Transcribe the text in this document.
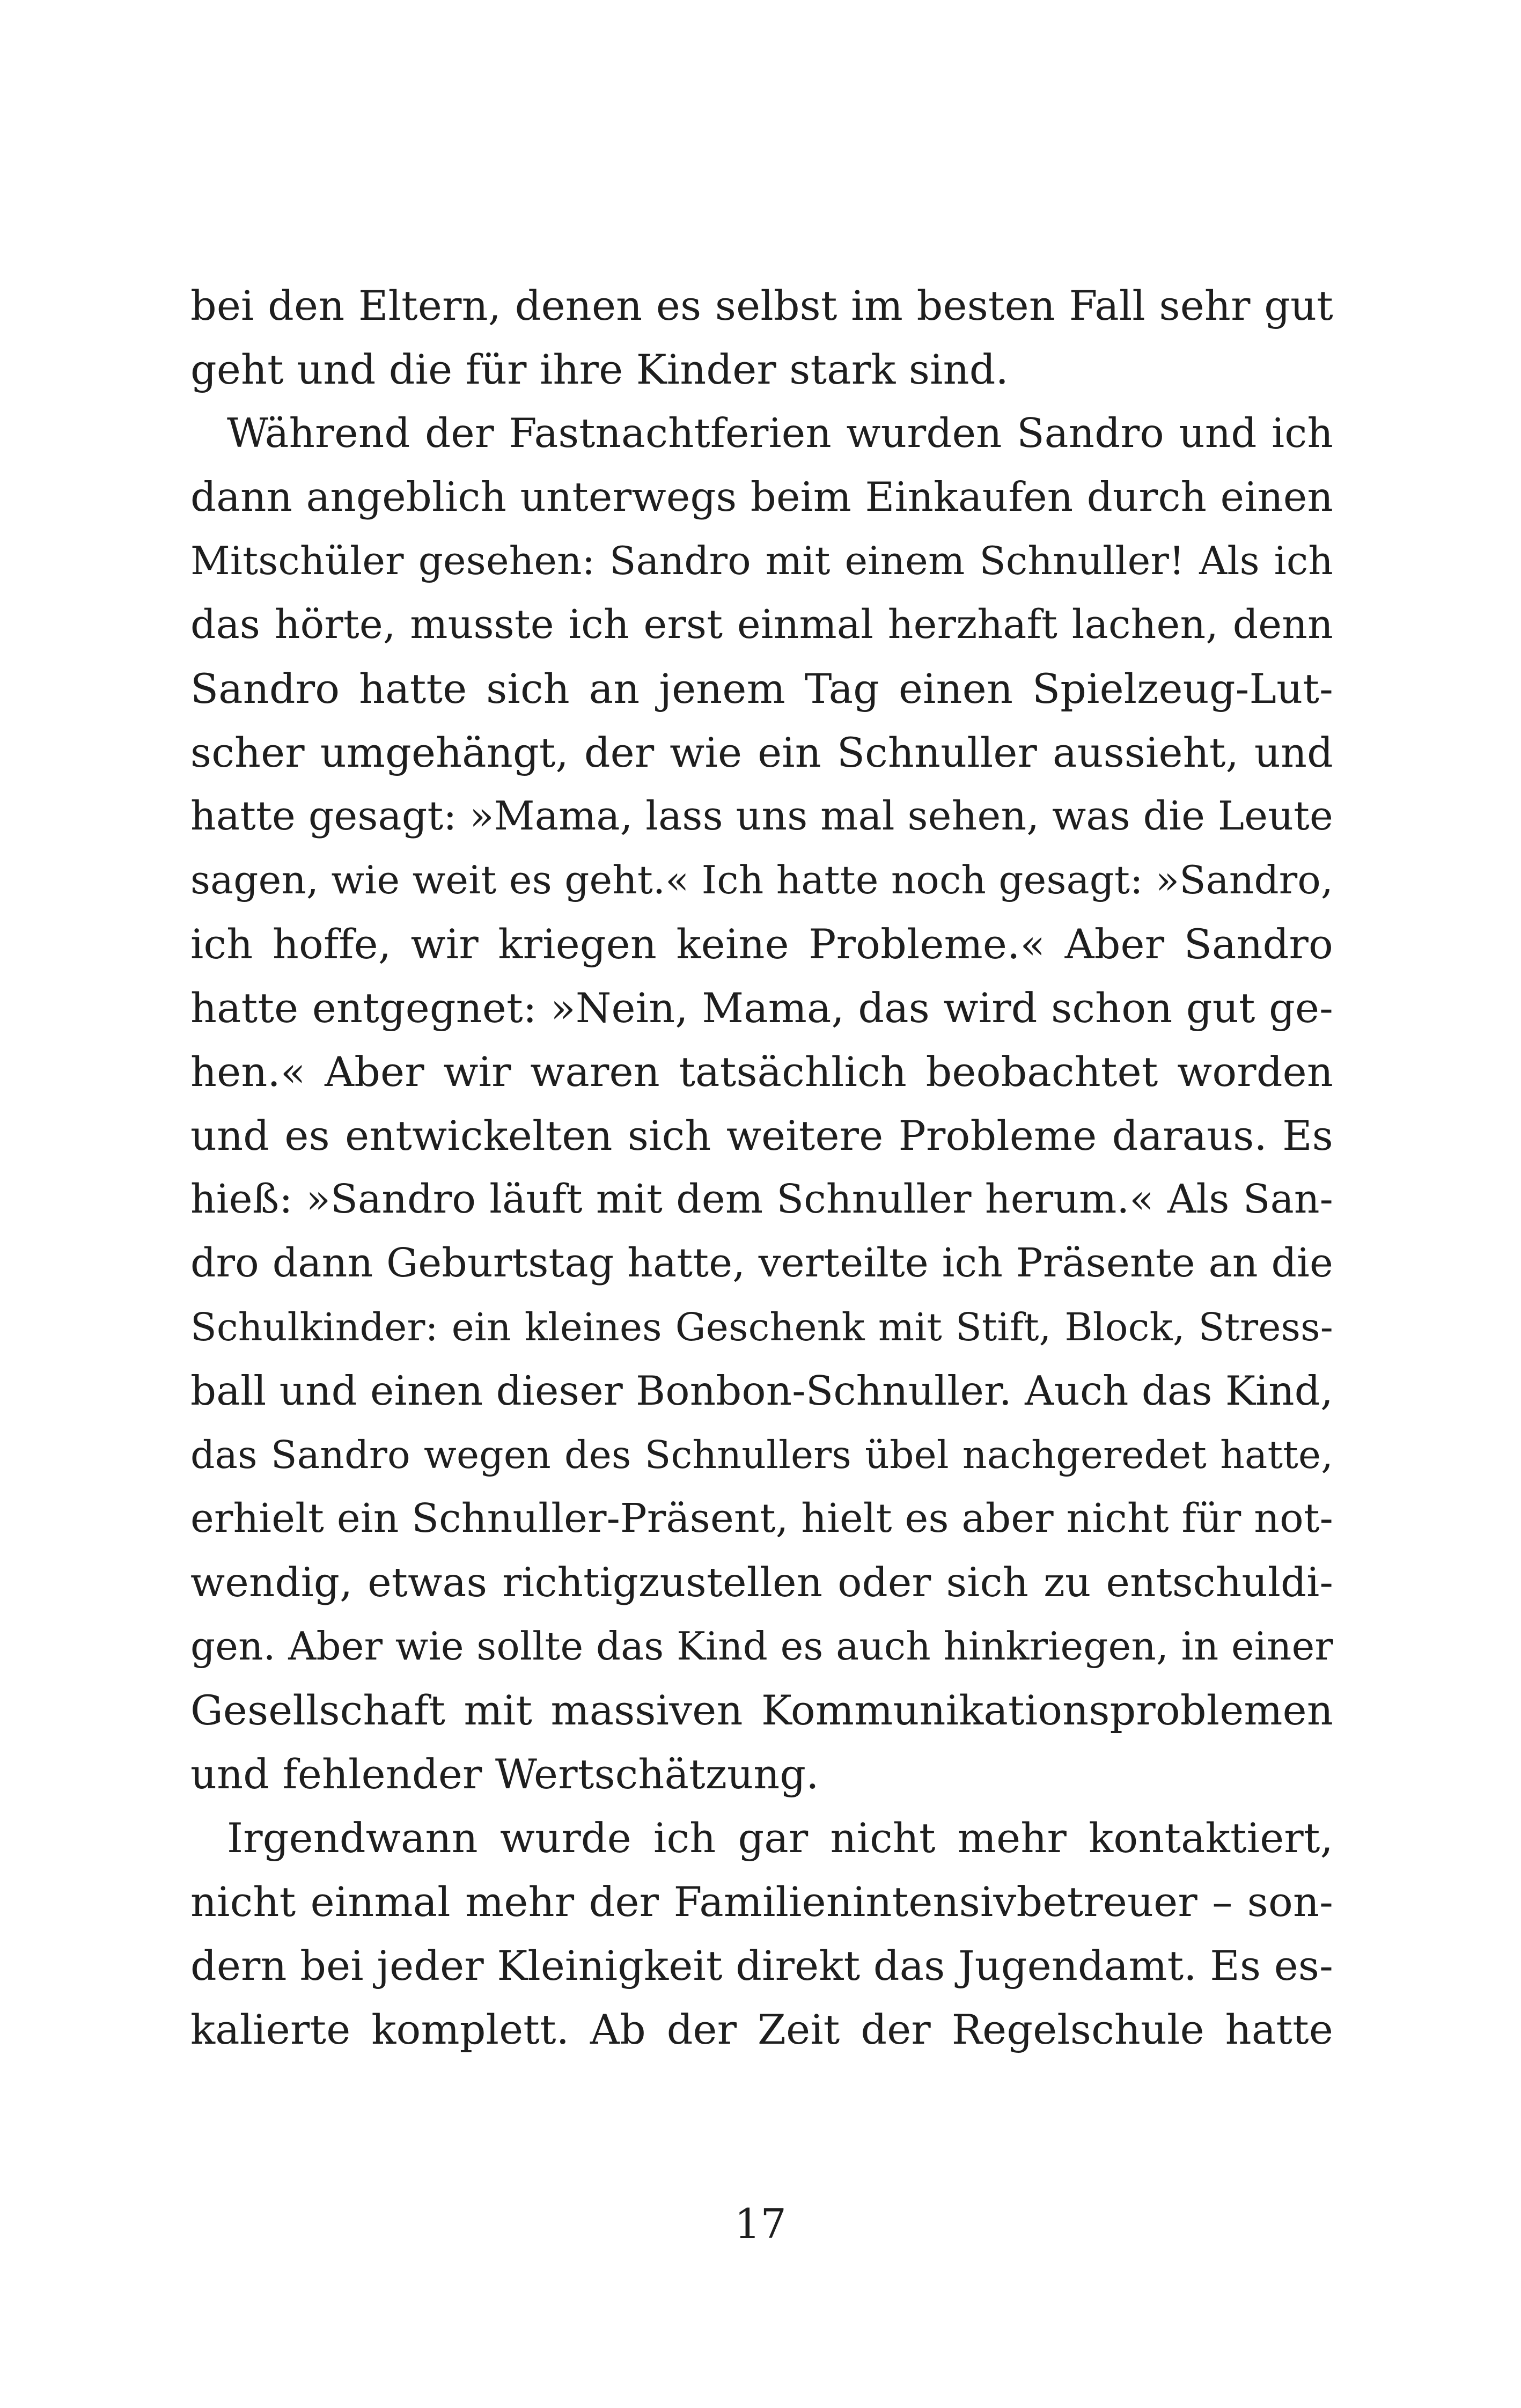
bei den Eltern, denen es selbst im besten Fall sehr gut
geht und die für ihre Kinder stark sind.
Während der Fastnachtferien wurden Sandro und ich
dann angeblich unterwegs beim Einkaufen durch einen
Mitschüler gesehen: Sandro mit einem Schnuller! Als ich
das hörte, musste ich erst einmal herzhaft lachen, denn
Sandro hatte sich an jenem Tag einen Spielzeug-Lut-
scher umgehängt, der wie ein Schnuller aussieht, und
hatte gesagt: »Mama, lass uns mal sehen, was die Leute
sagen, wie weit es geht.« Ich hatte noch gesagt: »Sandro,
ich hoffe, wir kriegen keine Probleme.« Aber Sandro
hatte entgegnet: »Nein, Mama, das wird schon gut ge-
hen.« Aber wir waren tatsächlich beobachtet worden
und es entwickelten sich weitere Probleme daraus. Es
hieß: »Sandro läuft mit dem Schnuller herum.« Als San-
dro dann Geburtstag hatte, verteilte ich Präsente an die
Schulkinder: ein kleines Geschenk mit Stift, Block, Stress-
ball und einen dieser Bonbon-Schnuller. Auch das Kind,
das Sandro wegen des Schnullers übel nachgeredet hatte,
erhielt ein Schnuller-Präsent, hielt es aber nicht für not-
wendig, etwas richtigzustellen oder sich zu entschuldi-
gen. Aber wie sollte das Kind es auch hinkriegen, in einer
Gesellschaft mit massiven Kommunikationsproblemen
und fehlender Wertschätzung.
Irgendwann wurde ich gar nicht mehr kontaktiert,
nicht einmal mehr der Familienintensivbetreuer – son-
dern bei jeder Kleinigkeit direkt das Jugendamt. Es es-
kalierte komplett. Ab der Zeit der Regelschule hatte
17
